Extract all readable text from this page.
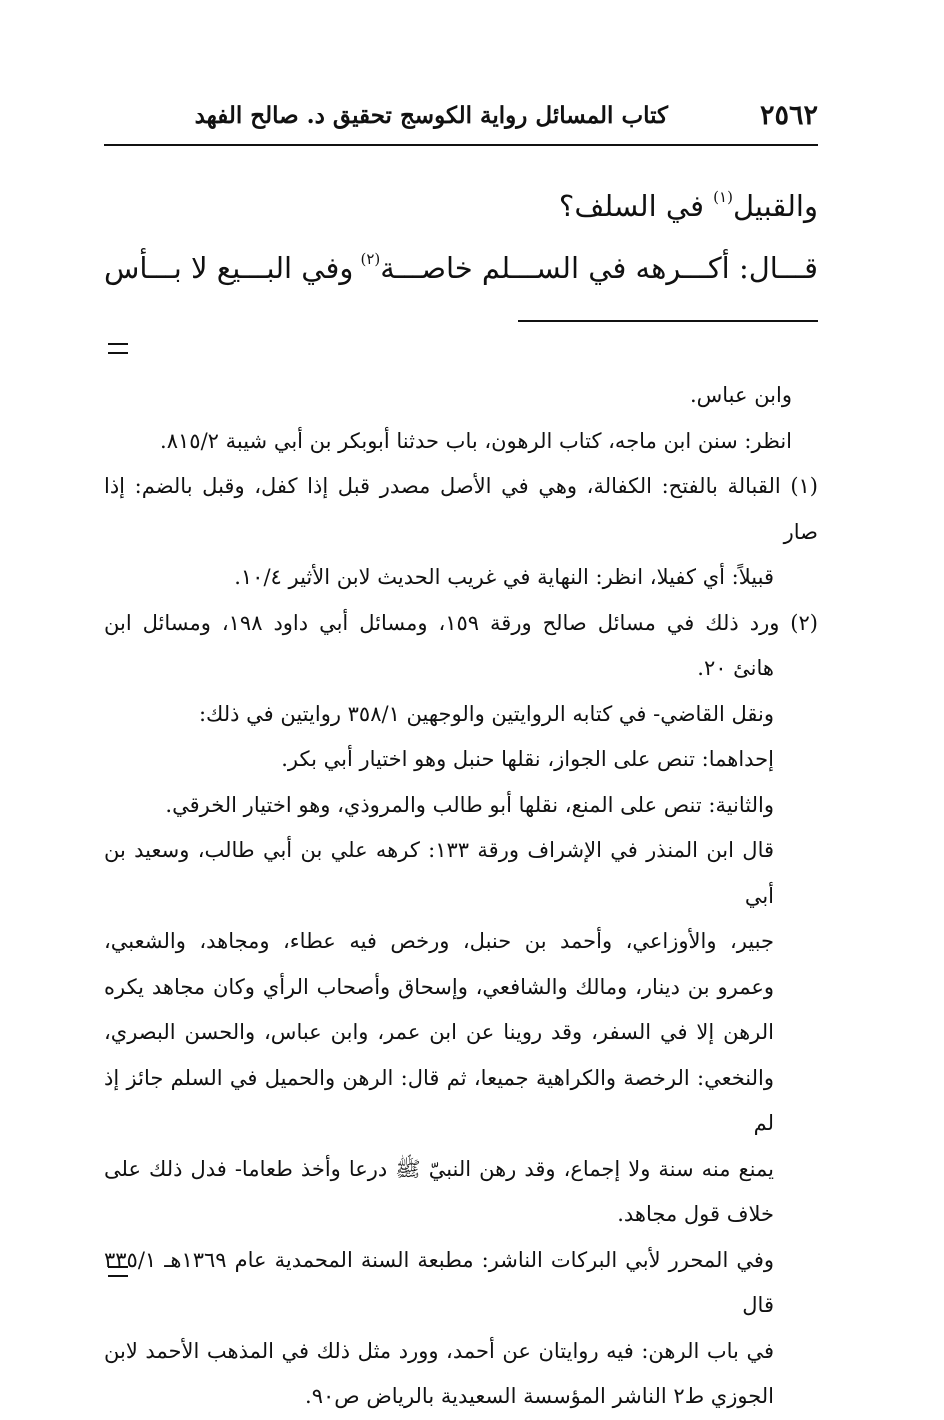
٢٥٦٢
كتاب المسائل رواية الكوسج تحقيق د. صالح الفهد
والقبيل$^{(١)}$ في السلف؟
قـــال: أكـــرهه في الســـلم خاصـــة$^{(٢)}$
وفي البـــيع لا بـــأس
وابن عباس.
انظر: سنن ابن ماجه، كتاب الرهون، باب حدثنا أبوبكر بن أبي شيبة ٨١٥/٢.
(١) القبالة بالفتح: الكفالة، وهي في الأصل مصدر قبل إذا كفل، وقبل بالضم: إذا صار
قبيلاً: أي كفيلا، انظر: النهاية في غريب الحديث لابن الأثير ١٠/٤.
(٢) ورد ذلك في مسائل صالح ورقة ١٥٩، ومسائل أبي داود ١٩٨، ومسائل ابن
هانئ ٢٠.
ونقل القاضي- في كتابه الروايتين والوجهين ٣٥٨/١ روايتين في ذلك:
إحداهما: تنص على الجواز، نقلها حنبل وهو اختيار أبي بكر.
والثانية: تنص على المنع، نقلها أبو طالب والمروذي، وهو اختيار الخرقي.
قال ابن المنذر في الإشراف ورقة ١٣٣: كرهه علي بن أبي طالب، وسعيد بن أبي
جبير، والأوزاعي، وأحمد بن حنبل، ورخص فيه عطاء، ومجاهد، والشعبي،
وعمرو بن دينار، ومالك والشافعي، وإسحاق وأصحاب الرأي وكان مجاهد يكره
الرهن إلا في السفر، وقد روينا عن ابن عمر، وابن عباس، والحسن البصري،
والنخعي: الرخصة والكراهية جميعا، ثم قال: الرهن والحميل في السلم جائز إذ لم
يمنع منه سنة ولا إجماع، وقد رهن النبيّ ﷺ درعا وأخذ طعاما- فدل ذلك على
خلاف قول مجاهد.
وفي المحرر لأبي البركات الناشر: مطبعة السنة المحمدية عام ١٣٦٩هـ ٣٣٥/١ قال
في باب الرهن: فيه روايتان عن أحمد، وورد مثل ذلك في المذهب الأحمد لابن
الجوزي ط٢ الناشر المؤسسة السعيدية بالرياض ص٩٠.
